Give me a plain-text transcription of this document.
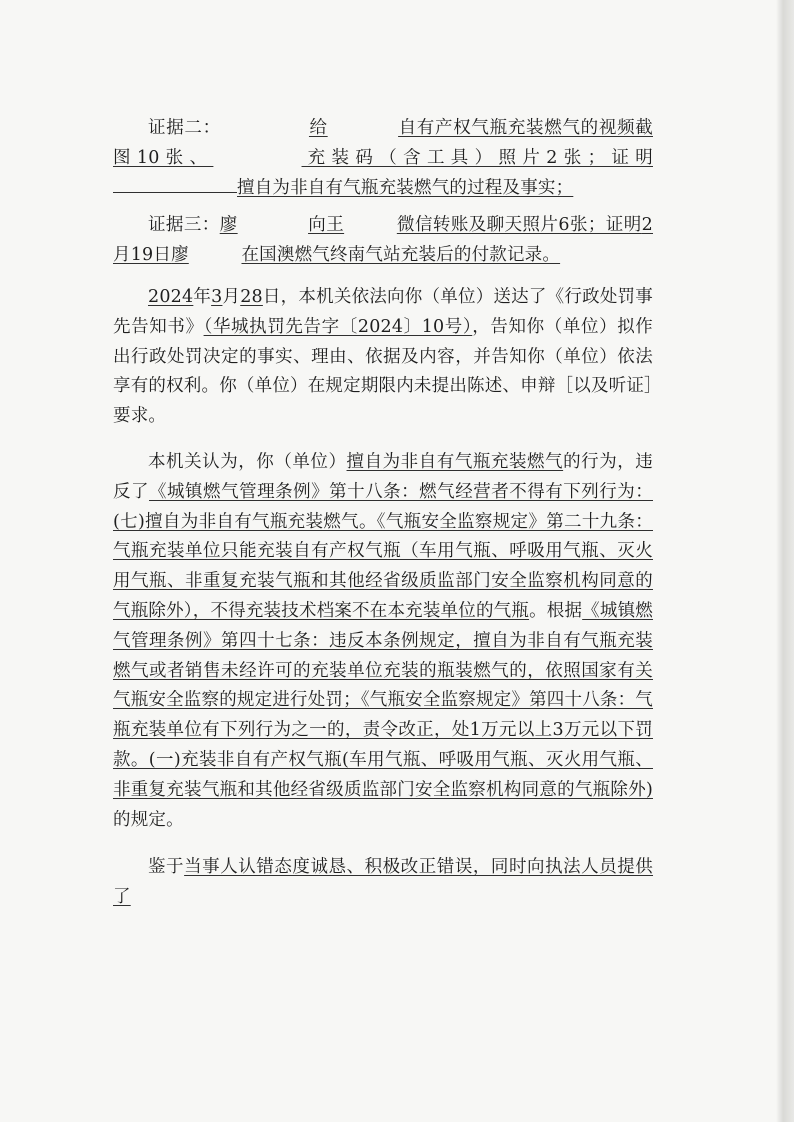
证据二：	给	自有产权气瓶充装燃气的视频截图10张、	充装码（含工具）照片2张；证明擅自为非自有气瓶充装燃气的过程及事实；

证据三：廖	向王	微信转账及聊天照片6张；证明2月19日廖	在国澳燃气终南气站充装后的付款记录。

2024年3月28日，本机关依法向你（单位）送达了《行政处罚事先告知书》（华城执罚先告字〔2024〕10号），告知你（单位）拟作出行政处罚决定的事实、理由、依据及内容，并告知你（单位）依法享有的权利。你（单位）在规定期限内未提出陈述、申辩［以及听证］要求。

本机关认为，你（单位）擅自为非自有气瓶充装燃气的行为，违反了《城镇燃气管理条例》第十八条：燃气经营者不得有下列行为：(七)擅自为非自有气瓶充装燃气。《气瓶安全监察规定》第二十九条：气瓶充装单位只能充装自有产权气瓶（车用气瓶、呼吸用气瓶、灭火用气瓶、非重复充装气瓶和其他经省级质监部门安全监察机构同意的气瓶除外），不得充装技术档案不在本充装单位的气瓶。根据《城镇燃气管理条例》第四十七条：违反本条例规定，擅自为非自有气瓶充装燃气或者销售未经许可的充装单位充装的瓶装燃气的，依照国家有关气瓶安全监察的规定进行处罚；《气瓶安全监察规定》第四十八条：气瓶充装单位有下列行为之一的，责令改正，处1万元以上3万元以下罚款。(一)充装非自有产权气瓶(车用气瓶、呼吸用气瓶、灭火用气瓶、非重复充装气瓶和其他经省级质监部门安全监察机构同意的气瓶除外)的规定。

鉴于当事人认错态度诚恳、积极改正错误，同时向执法人员提供了
